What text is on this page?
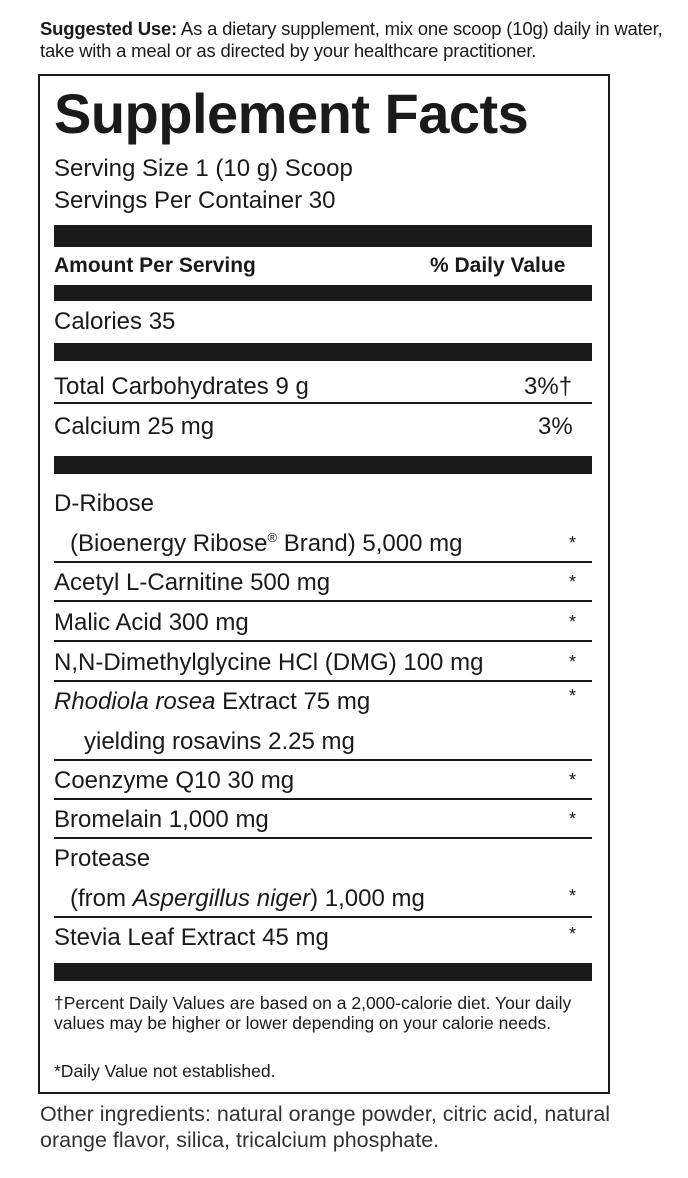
Suggested Use: As a dietary supplement, mix one scoop (10g) daily in water, take with a meal or as directed by your healthcare practitioner.
Supplement Facts
Serving Size 1 (10 g) Scoop
Servings Per Container 30
Amount Per Serving	% Daily Value
Calories 35
Total Carbohydrates 9 g	3%†
Calcium 25 mg	3%
D-Ribose
(Bioenergy Ribose® Brand) 5,000 mg	*
Acetyl L-Carnitine 500 mg	*
Malic Acid 300 mg	*
N,N-Dimethylglycine HCl (DMG) 100 mg	*
Rhodiola rosea Extract 75 mg	*
yielding rosavins 2.25 mg
Coenzyme Q10 30 mg	*
Bromelain 1,000 mg	*
Protease
(from Aspergillus niger) 1,000 mg	*
Stevia Leaf Extract 45 mg	*
†Percent Daily Values are based on a 2,000-calorie diet. Your daily values may be higher or lower depending on your calorie needs.
*Daily Value not established.
Other ingredients: natural orange powder, citric acid, natural orange flavor, silica, tricalcium phosphate.
